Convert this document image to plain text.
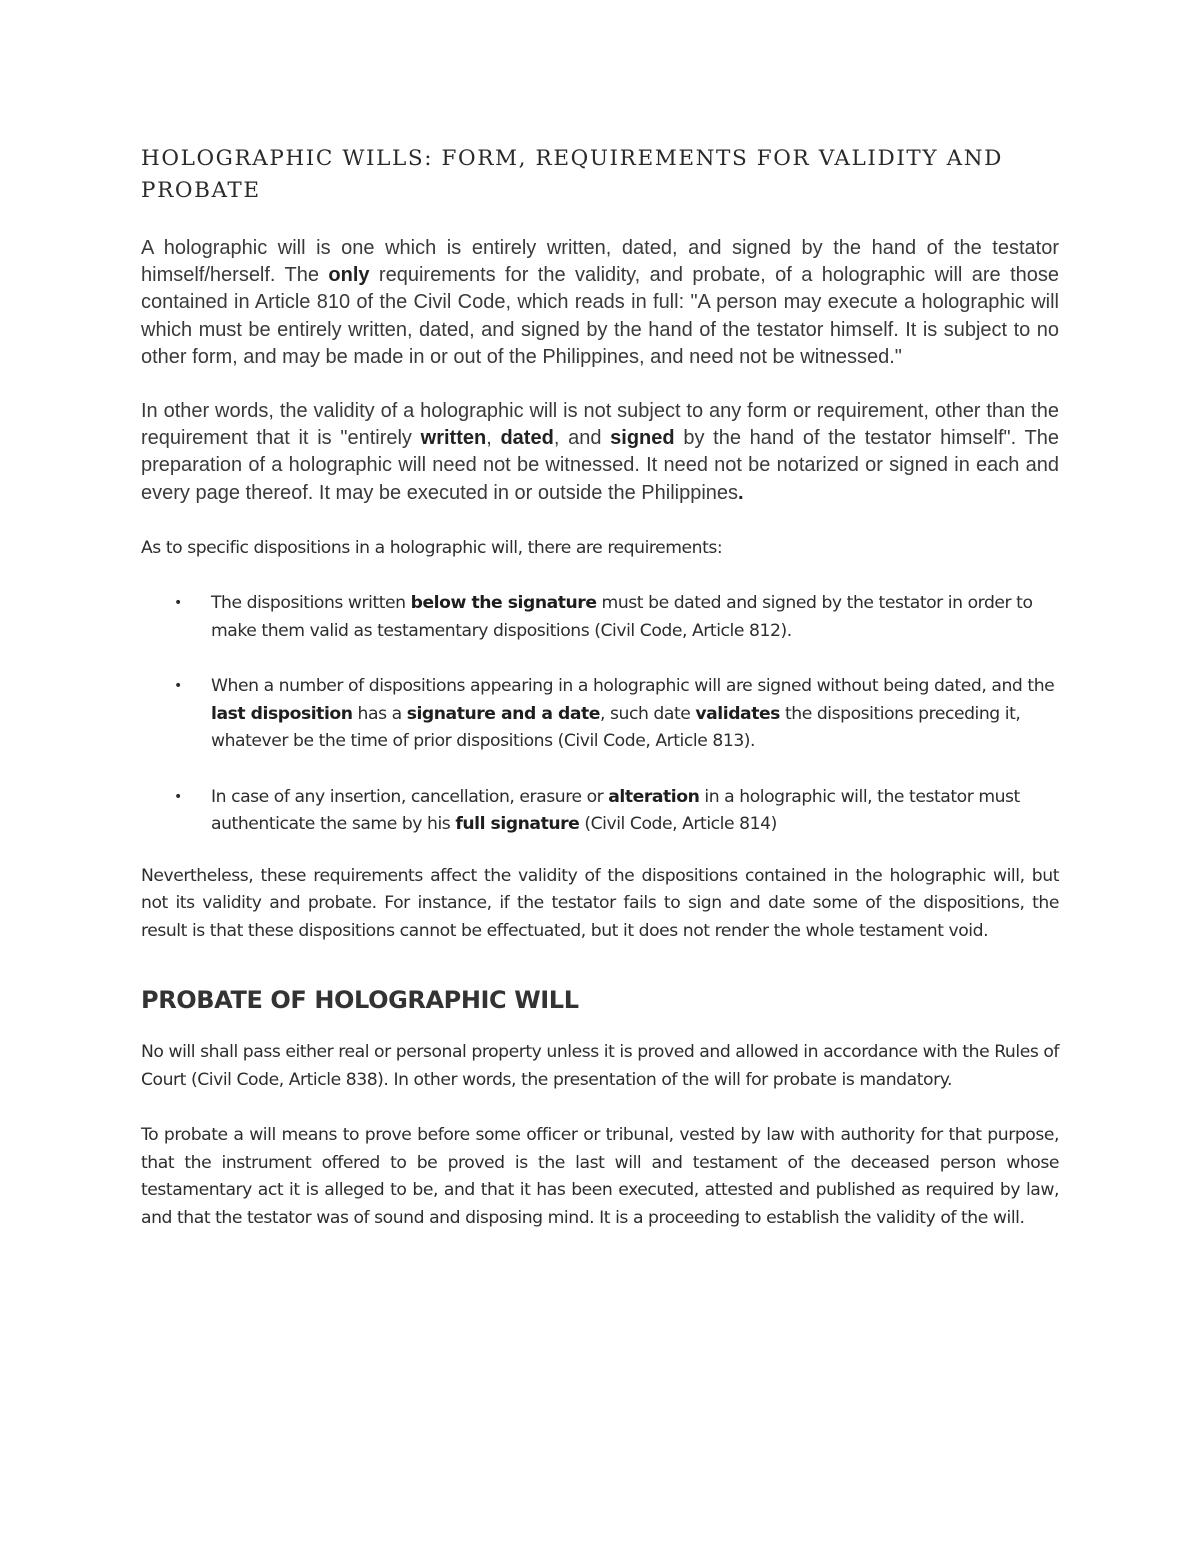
HOLOGRAPHIC WILLS: FORM, REQUIREMENTS FOR VALIDITY AND PROBATE

A holographic will is one which is entirely written, dated, and signed by the hand of the testator himself/herself. The only requirements for the validity, and probate, of a holographic will are those contained in Article 810 of the Civil Code, which reads in full: "A person may execute a holographic will which must be entirely written, dated, and signed by the hand of the testator himself. It is subject to no other form, and may be made in or out of the Philippines, and need not be witnessed."

In other words, the validity of a holographic will is not subject to any form or requirement, other than the requirement that it is "entirely written, dated, and signed by the hand of the testator himself". The preparation of a holographic will need not be witnessed. It need not be notarized or signed in each and every page thereof. It may be executed in or outside the Philippines.

As to specific dispositions in a holographic will, there are requirements:

• The dispositions written below the signature must be dated and signed by the testator in order to make them valid as testamentary dispositions (Civil Code, Article 812).
• When a number of dispositions appearing in a holographic will are signed without being dated, and the last disposition has a signature and a date, such date validates the dispositions preceding it, whatever be the time of prior dispositions (Civil Code, Article 813).
• In case of any insertion, cancellation, erasure or alteration in a holographic will, the testator must authenticate the same by his full signature (Civil Code, Article 814)

Nevertheless, these requirements affect the validity of the dispositions contained in the holographic will, but not its validity and probate. For instance, if the testator fails to sign and date some of the dispositions, the result is that these dispositions cannot be effectuated, but it does not render the whole testament void.

PROBATE OF HOLOGRAPHIC WILL

No will shall pass either real or personal property unless it is proved and allowed in accordance with the Rules of Court (Civil Code, Article 838). In other words, the presentation of the will for probate is mandatory.

To probate a will means to prove before some officer or tribunal, vested by law with authority for that purpose, that the instrument offered to be proved is the last will and testament of the deceased person whose testamentary act it is alleged to be, and that it has been executed, attested and published as required by law, and that the testator was of sound and disposing mind. It is a proceeding to establish the validity of the will.
